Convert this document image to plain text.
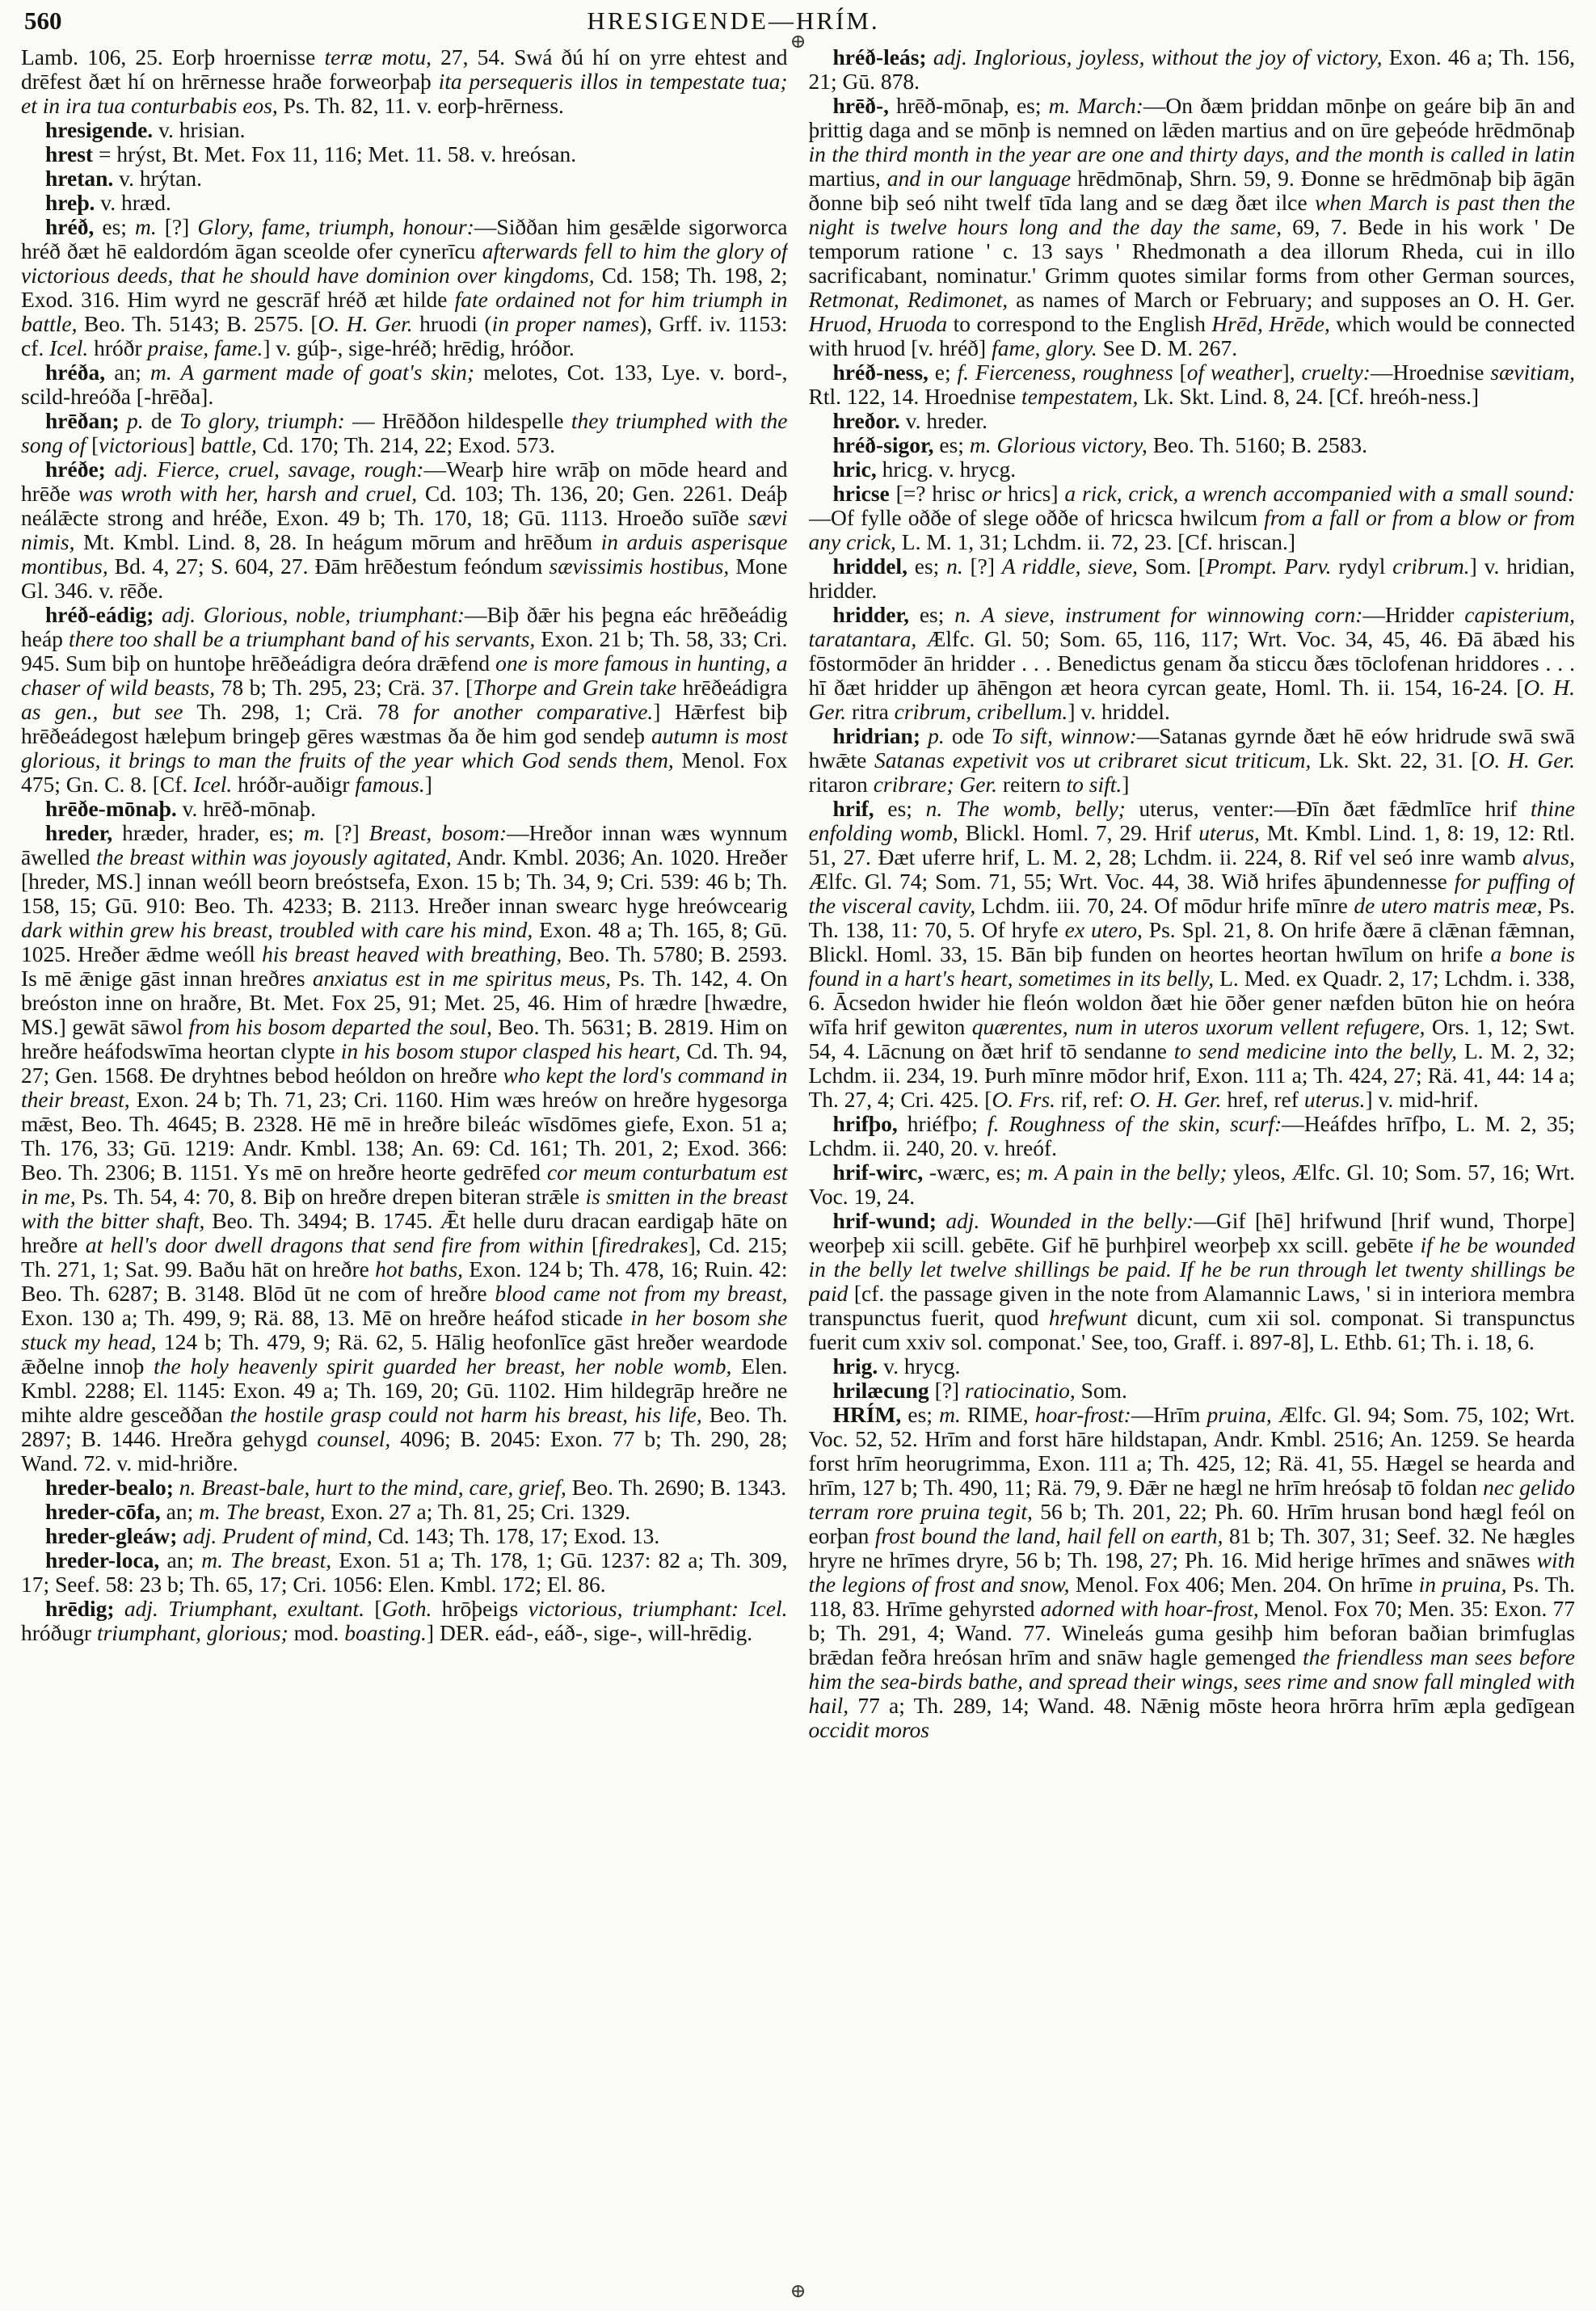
560	HRESIGENDE—HRÍM.
⊕

Lamb. 106, 25. Eorþ hroernisse terræ motu, 27, 54. Swá ðú hí on yrre ehtest and drēfest ðæt hí on hrērnesse hraðe forweorþaþ ita persequeris illos in tempestate tua; et in ira tua conturbabis eos, Ps. Th. 82, 11. v. eorþ-hrērness.

hresigende. v. hrisian.

hrest = hrýst, Bt. Met. Fox 11, 116; Met. 11. 58. v. hreósan.

hretan. v. hrýtan.

hreþ. v. hræd.

hréð, es; m. [?] Glory, fame, triumph, honour:—Siððan him gesǣlde sigorworca hréð ðæt hē ealdordóm āgan sceolde ofer cynerīcu afterwards fell to him the glory of victorious deeds, that he should have dominion over kingdoms, Cd. 158; Th. 198, 2; Exod. 316. Him wyrd ne gescrāf hréð æt hilde fate ordained not for him triumph in battle, Beo. Th. 5143; B. 2575. [O. H. Ger. hruodi (in proper names), Grff. iv. 1153: cf. Icel. hróðr praise, fame.] v. gúþ-, sige-hréð; hrēdig, hróðor.

hréða, an; m. A garment made of goat's skin; melotes, Cot. 133, Lye. v. bord-, scild-hreóða [-hrēða].

hrēðan; p. de To glory, triumph: — Hrēððon hildespelle they triumphed with the song of [victorious] battle, Cd. 170; Th. 214, 22; Exod. 573.

hréðe; adj. Fierce, cruel, savage, rough:—Wearþ hire wrāþ on mōde heard and hrēðe was wroth with her, harsh and cruel, Cd. 103; Th. 136, 20; Gen. 2261. Deáþ neálǣcte strong and hréðe, Exon. 49 b; Th. 170, 18; Gū. 1113. Hroeðo suīðe sævi nimis, Mt. Kmbl. Lind. 8, 28. In heágum mōrum and hrēðum in arduis asperisque montibus, Bd. 4, 27; S. 604, 27. Ðām hrēðestum feóndum sævissimis hostibus, Mone Gl. 346. v. rēðe.

hréð-eádig; adj. Glorious, noble, triumphant:—Biþ ðǣr his þegna eác hrēðeádig heáp there too shall be a triumphant band of his servants, Exon. 21 b; Th. 58, 33; Cri. 945. Sum biþ on huntoþe hrēðeádigra deóra drǣfend one is more famous in hunting, a chaser of wild beasts, 78 b; Th. 295, 23; Crä. 37. [Thorpe and Grein take hrēðeádigra as gen., but see Th. 298, 1; Crä. 78 for another comparative.] Hǣrfest biþ hrēðeádegost hæleþum bringeþ gēres wæstmas ða ðe him god sendeþ autumn is most glorious, it brings to man the fruits of the year which God sends them, Menol. Fox 475; Gn. C. 8. [Cf. Icel. hróðr-auðigr famous.]

hrēðe-mōnaþ. v. hrēð-mōnaþ.

hreder, hræder, hrader, es; m. [?] Breast, bosom:—Hreðor innan wæs wynnum āwelled the breast within was joyously agitated, Andr. Kmbl. 2036; An. 1020. Hreðer [hreder, MS.] innan weóll beorn breóstsefa, Exon. 15 b; Th. 34, 9; Cri. 539: 46 b; Th. 158, 15; Gū. 910: Beo. Th. 4233; B. 2113. Hreðer innan swearc hyge hreówcearig dark within grew his breast, troubled with care his mind, Exon. 48 a; Th. 165, 8; Gū. 1025. Hreðer ǣdme weóll his breast heaved with breathing, Beo. Th. 5780; B. 2593. Is mē ǣnige gāst innan hreðres anxiatus est in me spiritus meus, Ps. Th. 142, 4. On breóston inne on hraðre, Bt. Met. Fox 25, 91; Met. 25, 46. Him of hrædre [hwædre, MS.] gewāt sāwol from his bosom departed the soul, Beo. Th. 5631; B. 2819. Him on hreðre heáfodswīma heortan clypte in his bosom stupor clasped his heart, Cd. Th. 94, 27; Gen. 1568. Ðe dryhtnes bebod heóldon on hreðre who kept the lord's command in their breast, Exon. 24 b; Th. 71, 23; Cri. 1160. Him wæs hreów on hreðre hygesorga mǣst, Beo. Th. 4645; B. 2328. Hē mē in hreðre bileác wīsdōmes giefe, Exon. 51 a; Th. 176, 33; Gū. 1219: Andr. Kmbl. 138; An. 69: Cd. 161; Th. 201, 2; Exod. 366: Beo. Th. 2306; B. 1151. Ys mē on hreðre heorte gedrēfed cor meum conturbatum est in me, Ps. Th. 54, 4: 70, 8. Biþ on hreðre drepen biteran strǣle is smitten in the breast with the bitter shaft, Beo. Th. 3494; B. 1745. Ǣt helle duru dracan eardigaþ hāte on hreðre at hell's door dwell dragons that send fire from within [firedrakes], Cd. 215; Th. 271, 1; Sat. 99. Baðu hāt on hreðre hot baths, Exon. 124 b; Th. 478, 16; Ruin. 42: Beo. Th. 6287; B. 3148. Blōd ūt ne com of hreðre blood came not from my breast, Exon. 130 a; Th. 499, 9; Rä. 88, 13. Mē on hreðre heáfod sticade in her bosom she stuck my head, 124 b; Th. 479, 9; Rä. 62, 5. Hālig heofonlīce gāst hreðer weardode ǣðelne innoþ the holy heavenly spirit guarded her breast, her noble womb, Elen. Kmbl. 2288; El. 1145: Exon. 49 a; Th. 169, 20; Gū. 1102. Him hildegrāp hreðre ne mihte aldre gesceððan the hostile grasp could not harm his breast, his life, Beo. Th. 2897; B. 1446. Hreðra gehygd counsel, 4096; B. 2045: Exon. 77 b; Th. 290, 28; Wand. 72. v. mid-hriðre.

hreder-bealo; n. Breast-bale, hurt to the mind, care, grief, Beo. Th. 2690; B. 1343.

hreder-cōfa, an; m. The breast, Exon. 27 a; Th. 81, 25; Cri. 1329.

hreder-gleáw; adj. Prudent of mind, Cd. 143; Th. 178, 17; Exod. 13.

hreder-loca, an; m. The breast, Exon. 51 a; Th. 178, 1; Gū. 1237: 82 a; Th. 309, 17; Seef. 58: 23 b; Th. 65, 17; Cri. 1056: Elen. Kmbl. 172; El. 86.

hrēdig; adj. Triumphant, exultant. [Goth. hrōþeigs victorious, triumphant: Icel. hróðugr triumphant, glorious; mod. boasting.] DER. eád-, eáð-, sige-, will-hrēdig.

hréð-leás; adj. Inglorious, joyless, without the joy of victory, Exon. 46 a; Th. 156, 21; Gū. 878.

hrēð-, hrēð-mōnaþ, es; m. March:—On ðæm þriddan mōnþe on geáre biþ ān and þrittig daga and se mōnþ is nemned on lǣden martius and on ūre geþeóde hrēdmōnaþ in the third month in the year are one and thirty days, and the month is called in latin martius, and in our language hrēdmōnaþ, Shrn. 59, 9. Ðonne se hrēdmōnaþ biþ āgān ðonne biþ seó niht twelf tīda lang and se dæg ðæt ilce when March is past then the night is twelve hours long and the day the same, 69, 7. Bede in his work ' De temporum ratione ' c. 13 says ' Rhedmonath a dea illorum Rheda, cui in illo sacrificabant, nominatur.' Grimm quotes similar forms from other German sources, Retmonat, Redimonet, as names of March or February; and supposes an O. H. Ger. Hruod, Hruoda to correspond to the English Hrēd, Hrēde, which would be connected with hruod [v. hréð] fame, glory. See D. M. 267.

hréð-ness, e; f. Fierceness, roughness [of weather], cruelty:—Hroednise sævitiam, Rtl. 122, 14. Hroednise tempestatem, Lk. Skt. Lind. 8, 24. [Cf. hreóh-ness.]

hreðor. v. hreder.

hréð-sigor, es; m. Glorious victory, Beo. Th. 5160; B. 2583.

hric, hricg. v. hrycg.

hricse [=? hrisc or hrics] a rick, crick, a wrench accompanied with a small sound:—Of fylle oððe of slege oððe of hricsca hwilcum from a fall or from a blow or from any crick, L. M. 1, 31; Lchdm. ii. 72, 23. [Cf. hriscan.]

hriddel, es; n. [?] A riddle, sieve, Som. [Prompt. Parv. rydyl cribrum.] v. hridian, hridder.

hridder, es; n. A sieve, instrument for winnowing corn:—Hridder capisterium, taratantara, Ælfc. Gl. 50; Som. 65, 116, 117; Wrt. Voc. 34, 45, 46. Ðā ābæd his fōstormōder ān hridder . . . Benedictus genam ða sticcu ðæs tōclofenan hriddores . . . hī ðæt hridder up āhēngon æt heora cyrcan geate, Homl. Th. ii. 154, 16-24. [O. H. Ger. ritra cribrum, cribellum.] v. hriddel.

hridrian; p. ode To sift, winnow:—Satanas gyrnde ðæt hē eów hridrude swā swā hwǣte Satanas expetivit vos ut cribraret sicut triticum, Lk. Skt. 22, 31. [O. H. Ger. ritaron cribrare; Ger. reitern to sift.]

hrif, es; n. The womb, belly; uterus, venter:—Ðīn ðæt fǣdmlīce hrif thine enfolding womb, Blickl. Homl. 7, 29. Hrif uterus, Mt. Kmbl. Lind. 1, 8: 19, 12: Rtl. 51, 27. Ðæt uferre hrif, L. M. 2, 28; Lchdm. ii. 224, 8. Rif vel seó inre wamb alvus, Ælfc. Gl. 74; Som. 71, 55; Wrt. Voc. 44, 38. Wið hrifes āþundennesse for puffing of the visceral cavity, Lchdm. iii. 70, 24. Of mōdur hrife mīnre de utero matris meæ, Ps. Th. 138, 11: 70, 5. Of hryfe ex utero, Ps. Spl. 21, 8. On hrife ðære ā clǣnan fǣmnan, Blickl. Homl. 33, 15. Bān biþ funden on heortes heortan hwīlum on hrife a bone is found in a hart's heart, sometimes in its belly, L. Med. ex Quadr. 2, 17; Lchdm. i. 338, 6. Ācsedon hwider hie fleón woldon ðæt hie ōðer gener næfden būton hie on heóra wīfa hrif gewiton quærentes, num in uteros uxorum vellent refugere, Ors. 1, 12; Swt. 54, 4. Lācnung on ðæt hrif tō sendanne to send medicine into the belly, L. M. 2, 32; Lchdm. ii. 234, 19. Þurh mīnre mōdor hrif, Exon. 111 a; Th. 424, 27; Rä. 41, 44: 14 a; Th. 27, 4; Cri. 425. [O. Frs. rif, ref: O. H. Ger. href, ref uterus.] v. mid-hrif.

hrifþo, hriéfþo; f. Roughness of the skin, scurf:—Heáfdes hrīfþo, L. M. 2, 35; Lchdm. ii. 240, 20. v. hreóf.

hrif-wirc, -wærc, es; m. A pain in the belly; yleos, Ælfc. Gl. 10; Som. 57, 16; Wrt. Voc. 19, 24.

hrif-wund; adj. Wounded in the belly:—Gif [hē] hrifwund [hrif wund, Thorpe] weorþeþ xii scill. gebēte. Gif hē þurhþirel weorþeþ xx scill. gebēte if he be wounded in the belly let twelve shillings be paid. If he be run through let twenty shillings be paid [cf. the passage given in the note from Alamannic Laws, ' si in interiora membra transpunctus fuerit, quod hrefwunt dicunt, cum xii sol. componat. Si transpunctus fuerit cum xxiv sol. componat.' See, too, Graff. i. 897-8], L. Ethb. 61; Th. i. 18, 6.

hrig. v. hrycg.

hrilæcung [?] ratiocinatio, Som.

HRÍM, es; m. RIME, hoar-frost:—Hrīm pruina, Ælfc. Gl. 94; Som. 75, 102; Wrt. Voc. 52, 52. Hrīm and forst hāre hildstapan, Andr. Kmbl. 2516; An. 1259. Se hearda forst hrīm heorugrimma, Exon. 111 a; Th. 425, 12; Rä. 41, 55. Hægel se hearda and hrīm, 127 b; Th. 490, 11; Rä. 79, 9. Ðǣr ne hægl ne hrīm hreósaþ tō foldan nec gelido terram rore pruina tegit, 56 b; Th. 201, 22; Ph. 60. Hrīm hrusan bond hægl feól on eorþan frost bound the land, hail fell on earth, 81 b; Th. 307, 31; Seef. 32. Ne hægles hryre ne hrīmes dryre, 56 b; Th. 198, 27; Ph. 16. Mid herige hrīmes and snāwes with the legions of frost and snow, Menol. Fox 406; Men. 204. On hrīme in pruina, Ps. Th. 118, 83. Hrīme gehyrsted adorned with hoar-frost, Menol. Fox 70; Men. 35: Exon. 77 b; Th. 291, 4; Wand. 77. Wineleás guma gesihþ him beforan baðian brimfuglas brǣdan feðra hreósan hrīm and snāw hagle gemenged the friendless man sees before him the sea-birds bathe, and spread their wings, sees rime and snow fall mingled with hail, 77 a; Th. 289, 14; Wand. 48. Nǣnig mōste heora hrōrra hrīm æpla gedīgean occidit moros

⊕
